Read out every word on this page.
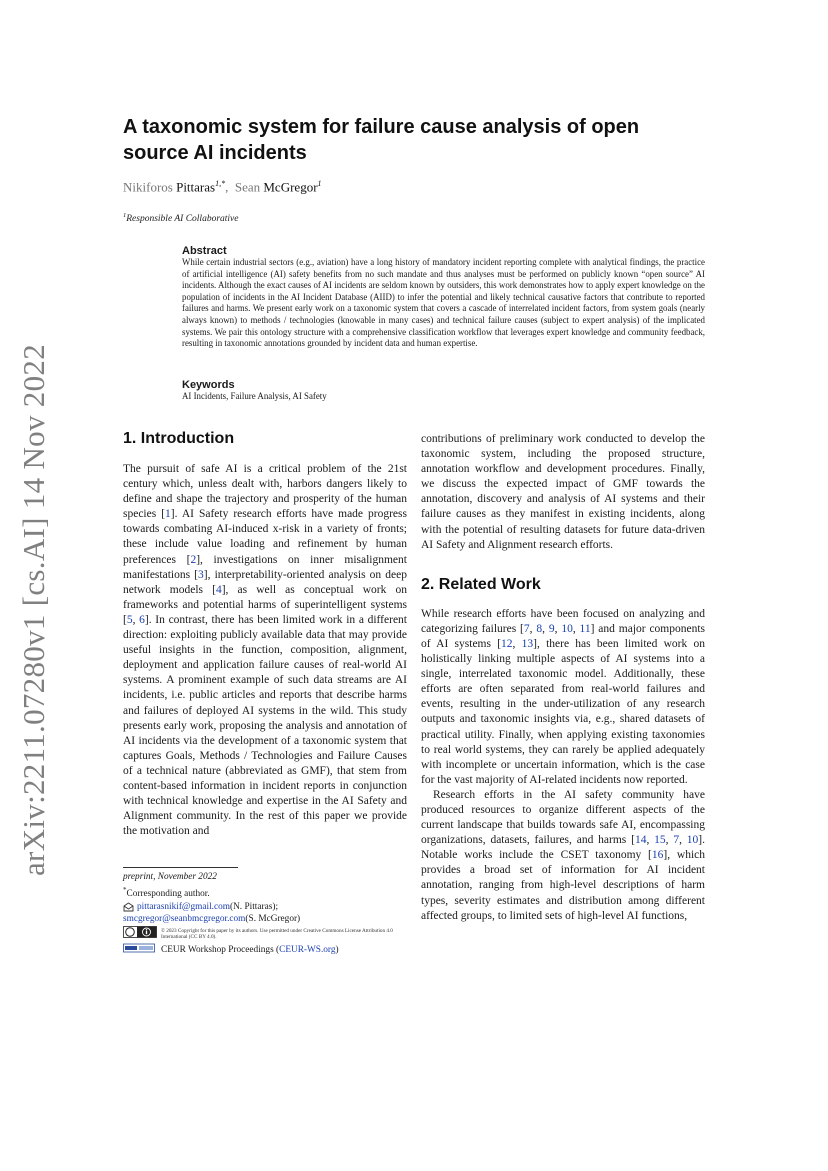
arXiv:2211.07280v1 [cs.AI] 14 Nov 2022
A taxonomic system for failure cause analysis of open source AI incidents
Nikiforos Pittaras$^{1,*}$, Sean McGregor$^1$
$^1$Responsible AI Collaborative
Abstract

While certain industrial sectors (e.g., aviation) have a long history of mandatory incident reporting complete with analytical findings, the practice of artificial intelligence (AI) safety benefits from no such mandate and thus analyses must be performed on publicly known “open source” AI incidents. Although the exact causes of AI incidents are seldom known by outsiders, this work demonstrates how to apply expert knowledge on the population of incidents in the AI Incident Database (AIID) to infer the potential and likely technical causative factors that contribute to reported failures and harms. We present early work on a taxonomic system that covers a cascade of interrelated incident factors, from system goals (nearly always known) to methods / technologies (knowable in many cases) and technical failure causes (subject to expert analysis) of the implicated systems. We pair this ontology structure with a comprehensive classification workflow that leverages expert knowledge and community feedback, resulting in taxonomic annotations grounded by incident data and human expertise.

Keywords

AI Incidents, Failure Analysis, AI Safety

1. Introduction

The pursuit of safe AI is a critical problem of the 21st century which, unless dealt with, harbors dangers likely to define and shape the trajectory and prosperity of the human species [1]. AI Safety research efforts have made progress towards combating AI-induced x-risk in a variety of fronts; these include value loading and refinement by human preferences [2], investigations on inner misalignment manifestations [3], interpretability-oriented analysis on deep network models [4], as well as conceptual work on frameworks and potential harms of superintelligent systems [5, 6]. In contrast, there has been limited work in a different direction: exploiting publicly available data that may provide useful insights in the function, composition, alignment, deployment and application failure causes of real-world AI systems. A prominent example of such data streams are AI incidents, i.e. public articles and reports that describe harms and failures of deployed AI systems in the wild. This study presents early work, proposing the analysis and annotation of AI incidents via the development of a taxonomic system that captures Goals, Methods / Technologies and Failure Causes of a technical nature (abbreviated as GMF), that stem from content-based information in incident reports in conjunction with technical knowledge and expertise in the AI Safety and Alignment community. In the rest of this paper we provide the motivation and

contributions of preliminary work conducted to develop the taxonomic system, including the proposed structure, annotation workflow and development procedures. Finally, we discuss the expected impact of GMF towards the annotation, discovery and analysis of AI systems and their failure causes as they manifest in existing incidents, along with the potential of resulting datasets for future data-driven AI Safety and Alignment research efforts.

2. Related Work

While research efforts have been focused on analyzing and categorizing failures [7, 8, 9, 10, 11] and major components of AI systems [12, 13], there has been limited work on holistically linking multiple aspects of AI systems into a single, interrelated taxonomic model. Additionally, these efforts are often separated from real-world failures and events, resulting in the under-utilization of any research outputs and taxonomic insights via, e.g., shared datasets of practical utility. Finally, when applying existing taxonomies to real world systems, they can rarely be applied adequately with incomplete or uncertain information, which is the case for the vast majority of AI-related incidents now reported.

Research efforts in the AI safety community have produced resources to organize different aspects of the current landscape that builds towards safe AI, encompassing organizations, datasets, failures, and harms [14, 15, 7, 10]. Notable works include the CSET taxonomy [16], which provides a broad set of information for AI incident annotation, ranging from high-level descriptions of harm types, severity estimates and distribution among different affected groups, to limited sets of high-level AI functions,

preprint, November 2022
*Corresponding author.
pittarasnikif@gmail.com (N. Pittaras);
smcgregor@seanbmcgregor.com (S. McGregor)
© 2023 Copyright for this paper by its authors. Use permitted under Creative Commons License Attribution 4.0 International (CC BY 4.0).
CEUR Workshop Proceedings ( CEUR-WS.org )
